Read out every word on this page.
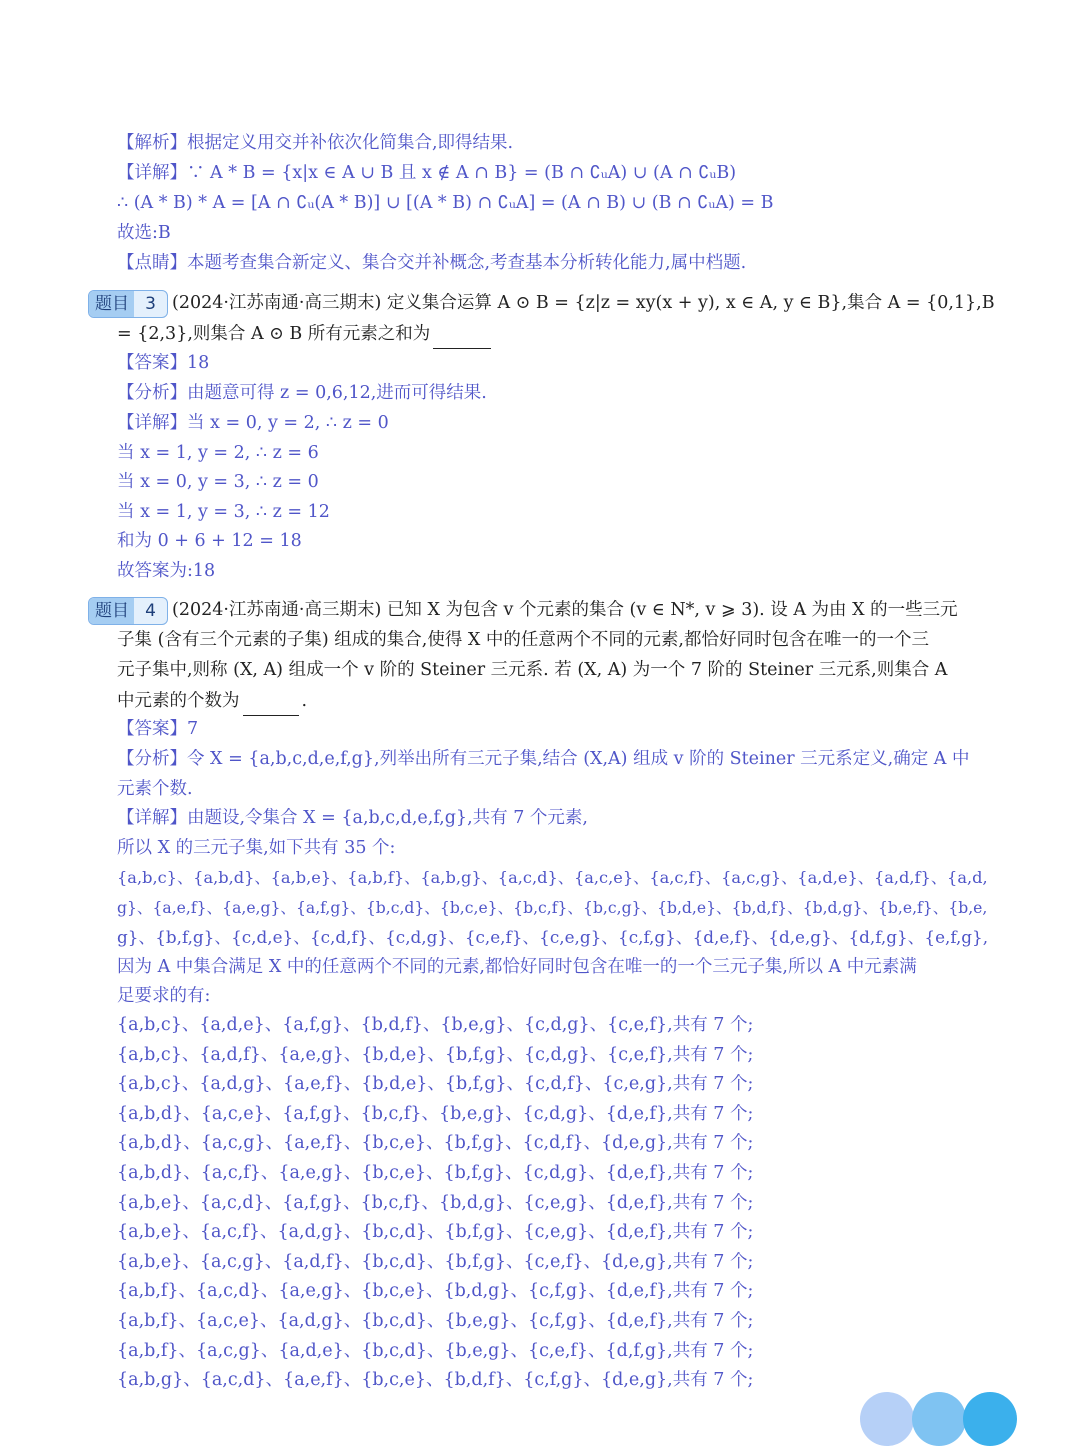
【解析】根据定义用交并补依次化简集合,即得结果.
【详解】∵ A * B = {x|x ∈ A ∪ B 且 x ∉ A ∩ B} = (B ∩ ∁ᵤA) ∪ (A ∩ ∁ᵤB)
∴ (A * B) * A = [A ∩ ∁ᵤ(A * B)] ∪ [(A * B) ∩ ∁ᵤA] = (A ∩ B) ∪ (B ∩ ∁ᵤA) = B
故选:B
【点睛】本题考查集合新定义、集合交并补概念,考查基本分析转化能力,属中档题.
题目 3 (2024·江苏南通·高三期末) 定义集合运算 A ⊙ B = {z|z = xy(x + y), x ∈ A, y ∈ B},集合 A = {0,1},B
= {2,3},则集合 A ⊙ B 所有元素之和为
【答案】18
【分析】由题意可得 z = 0,6,12,进而可得结果.
【详解】当 x = 0, y = 2, ∴ z = 0
当 x = 1, y = 2, ∴ z = 6
当 x = 0, y = 3, ∴ z = 0
当 x = 1, y = 3, ∴ z = 12
和为 0 + 6 + 12 = 18
故答案为:18
题目 4 (2024·江苏南通·高三期末) 已知 X 为包含 v 个元素的集合 (v ∈ N*, v ⩾ 3). 设 A 为由 X 的一些三元
子集 (含有三个元素的子集) 组成的集合,使得 X 中的任意两个不同的元素,都恰好同时包含在唯一的一个三
元子集中,则称 (X, A) 组成一个 v 阶的 Steiner 三元系. 若 (X, A) 为一个 7 阶的 Steiner 三元系,则集合 A
中元素的个数为	.
【答案】7
【分析】令 X = {a,b,c,d,e,f,g},列举出所有三元子集,结合 (X,A) 组成 v 阶的 Steiner 三元系定义,确定 A 中
元素个数.
【详解】由题设,令集合 X = {a,b,c,d,e,f,g},共有 7 个元素,
所以 X 的三元子集,如下共有 35 个:
{a,b,c}、{a,b,d}、{a,b,e}、{a,b,f}、{a,b,g}、{a,c,d}、{a,c,e}、{a,c,f}、{a,c,g}、{a,d,e}、{a,d,f}、{a,d,
g}、{a,e,f}、{a,e,g}、{a,f,g}、{b,c,d}、{b,c,e}、{b,c,f}、{b,c,g}、{b,d,e}、{b,d,f}、{b,d,g}、{b,e,f}、{b,e,
g}、{b,f,g}、{c,d,e}、{c,d,f}、{c,d,g}、{c,e,f}、{c,e,g}、{c,f,g}、{d,e,f}、{d,e,g}、{d,f,g}、{e,f,g},
因为 A 中集合满足 X 中的任意两个不同的元素,都恰好同时包含在唯一的一个三元子集,所以 A 中元素满
足要求的有:
{a,b,c}、{a,d,e}、{a,f,g}、{b,d,f}、{b,e,g}、{c,d,g}、{c,e,f},共有 7 个;
{a,b,c}、{a,d,f}、{a,e,g}、{b,d,e}、{b,f,g}、{c,d,g}、{c,e,f},共有 7 个;
{a,b,c}、{a,d,g}、{a,e,f}、{b,d,e}、{b,f,g}、{c,d,f}、{c,e,g},共有 7 个;
{a,b,d}、{a,c,e}、{a,f,g}、{b,c,f}、{b,e,g}、{c,d,g}、{d,e,f},共有 7 个;
{a,b,d}、{a,c,g}、{a,e,f}、{b,c,e}、{b,f,g}、{c,d,f}、{d,e,g},共有 7 个;
{a,b,d}、{a,c,f}、{a,e,g}、{b,c,e}、{b,f,g}、{c,d,g}、{d,e,f},共有 7 个;
{a,b,e}、{a,c,d}、{a,f,g}、{b,c,f}、{b,d,g}、{c,e,g}、{d,e,f},共有 7 个;
{a,b,e}、{a,c,f}、{a,d,g}、{b,c,d}、{b,f,g}、{c,e,g}、{d,e,f},共有 7 个;
{a,b,e}、{a,c,g}、{a,d,f}、{b,c,d}、{b,f,g}、{c,e,f}、{d,e,g},共有 7 个;
{a,b,f}、{a,c,d}、{a,e,g}、{b,c,e}、{b,d,g}、{c,f,g}、{d,e,f},共有 7 个;
{a,b,f}、{a,c,e}、{a,d,g}、{b,c,d}、{b,e,g}、{c,f,g}、{d,e,f},共有 7 个;
{a,b,f}、{a,c,g}、{a,d,e}、{b,c,d}、{b,e,g}、{c,e,f}、{d,f,g},共有 7 个;
{a,b,g}、{a,c,d}、{a,e,f}、{b,c,e}、{b,d,f}、{c,f,g}、{d,e,g},共有 7 个;
